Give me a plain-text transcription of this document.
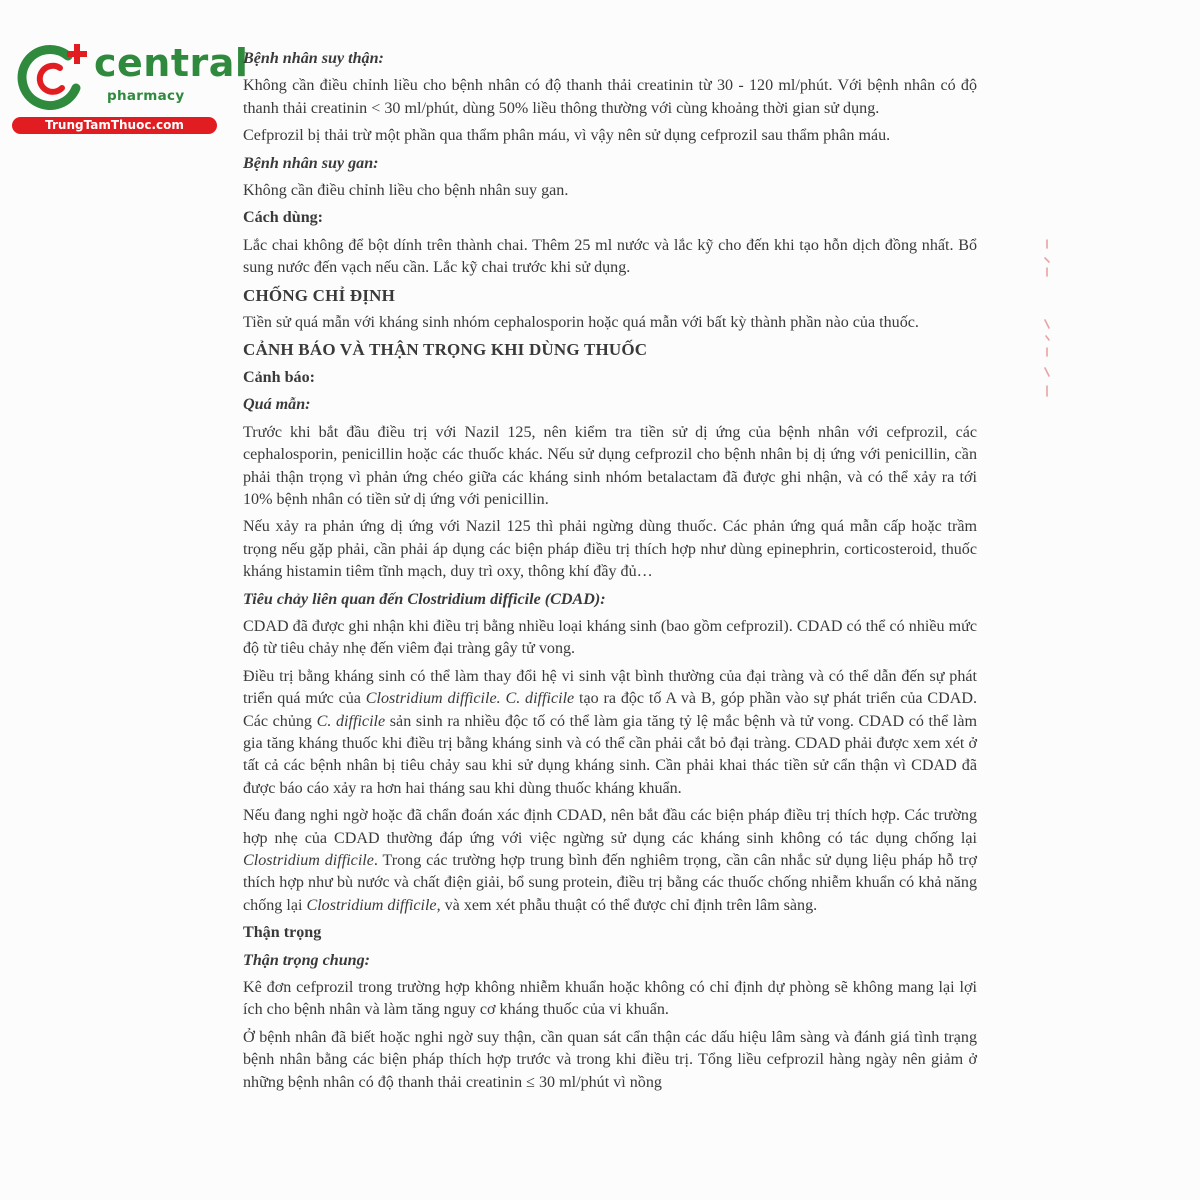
central
pharmacy
TrungTamThuoc.com

Bệnh nhân suy thận:

Không cần điều chỉnh liều cho bệnh nhân có độ thanh thải creatinin từ 30 - 120 ml/phút. Với bệnh nhân có độ thanh thải creatinin < 30 ml/phút, dùng 50% liều thông thường với cùng khoảng thời gian sử dụng.

Cefprozil bị thải trừ một phần qua thẩm phân máu, vì vậy nên sử dụng cefprozil sau thẩm phân máu.

Bệnh nhân suy gan:

Không cần điều chỉnh liều cho bệnh nhân suy gan.

Cách dùng:

Lắc chai không để bột dính trên thành chai. Thêm 25 ml nước và lắc kỹ cho đến khi tạo hỗn dịch đồng nhất. Bổ sung nước đến vạch nếu cần. Lắc kỹ chai trước khi sử dụng.

CHỐNG CHỈ ĐỊNH

Tiền sử quá mẫn với kháng sinh nhóm cephalosporin hoặc quá mẫn với bất kỳ thành phần nào của thuốc.

CẢNH BÁO VÀ THẬN TRỌNG KHI DÙNG THUỐC

Cảnh báo:

Quá mẫn:

Trước khi bắt đầu điều trị với Nazil 125, nên kiểm tra tiền sử dị ứng của bệnh nhân với cefprozil, các cephalosporin, penicillin hoặc các thuốc khác. Nếu sử dụng cefprozil cho bệnh nhân bị dị ứng với penicillin, cần phải thận trọng vì phản ứng chéo giữa các kháng sinh nhóm betalactam đã được ghi nhận, và có thể xảy ra tới 10% bệnh nhân có tiền sử dị ứng với penicillin.

Nếu xảy ra phản ứng dị ứng với Nazil 125 thì phải ngừng dùng thuốc. Các phản ứng quá mẫn cấp hoặc trầm trọng nếu gặp phải, cần phải áp dụng các biện pháp điều trị thích hợp như dùng epinephrin, corticosteroid, thuốc kháng histamin tiêm tĩnh mạch, duy trì oxy, thông khí đầy đủ…

Tiêu chảy liên quan đến Clostridium difficile (CDAD):

CDAD đã được ghi nhận khi điều trị bằng nhiều loại kháng sinh (bao gồm cefprozil). CDAD có thể có nhiều mức độ từ tiêu chảy nhẹ đến viêm đại tràng gây tử vong.

Điều trị bằng kháng sinh có thể làm thay đổi hệ vi sinh vật bình thường của đại tràng và có thể dẫn đến sự phát triển quá mức của Clostridium difficile. C. difficile tạo ra độc tố A và B, góp phần vào sự phát triển của CDAD. Các chủng C. difficile sản sinh ra nhiều độc tố có thể làm gia tăng tỷ lệ mắc bệnh và tử vong. CDAD có thể làm gia tăng kháng thuốc khi điều trị bằng kháng sinh và có thể cần phải cắt bỏ đại tràng. CDAD phải được xem xét ở tất cả các bệnh nhân bị tiêu chảy sau khi sử dụng kháng sinh. Cần phải khai thác tiền sử cẩn thận vì CDAD đã được báo cáo xảy ra hơn hai tháng sau khi dùng thuốc kháng khuẩn.

Nếu đang nghi ngờ hoặc đã chẩn đoán xác định CDAD, nên bắt đầu các biện pháp điều trị thích hợp. Các trường hợp nhẹ của CDAD thường đáp ứng với việc ngừng sử dụng các kháng sinh không có tác dụng chống lại Clostridium difficile. Trong các trường hợp trung bình đến nghiêm trọng, cần cân nhắc sử dụng liệu pháp hỗ trợ thích hợp như bù nước và chất điện giải, bổ sung protein, điều trị bằng các thuốc chống nhiễm khuẩn có khả năng chống lại Clostridium difficile, và xem xét phẫu thuật có thể được chỉ định trên lâm sàng.

Thận trọng

Thận trọng chung:

Kê đơn cefprozil trong trường hợp không nhiễm khuẩn hoặc không có chỉ định dự phòng sẽ không mang lại lợi ích cho bệnh nhân và làm tăng nguy cơ kháng thuốc của vi khuẩn.

Ở bệnh nhân đã biết hoặc nghi ngờ suy thận, cần quan sát cẩn thận các dấu hiệu lâm sàng và đánh giá tình trạng bệnh nhân bằng các biện pháp thích hợp trước và trong khi điều trị. Tổng liều cefprozil hàng ngày nên giảm ở những bệnh nhân có độ thanh thải creatinin ≤ 30 ml/phút vì nồng
